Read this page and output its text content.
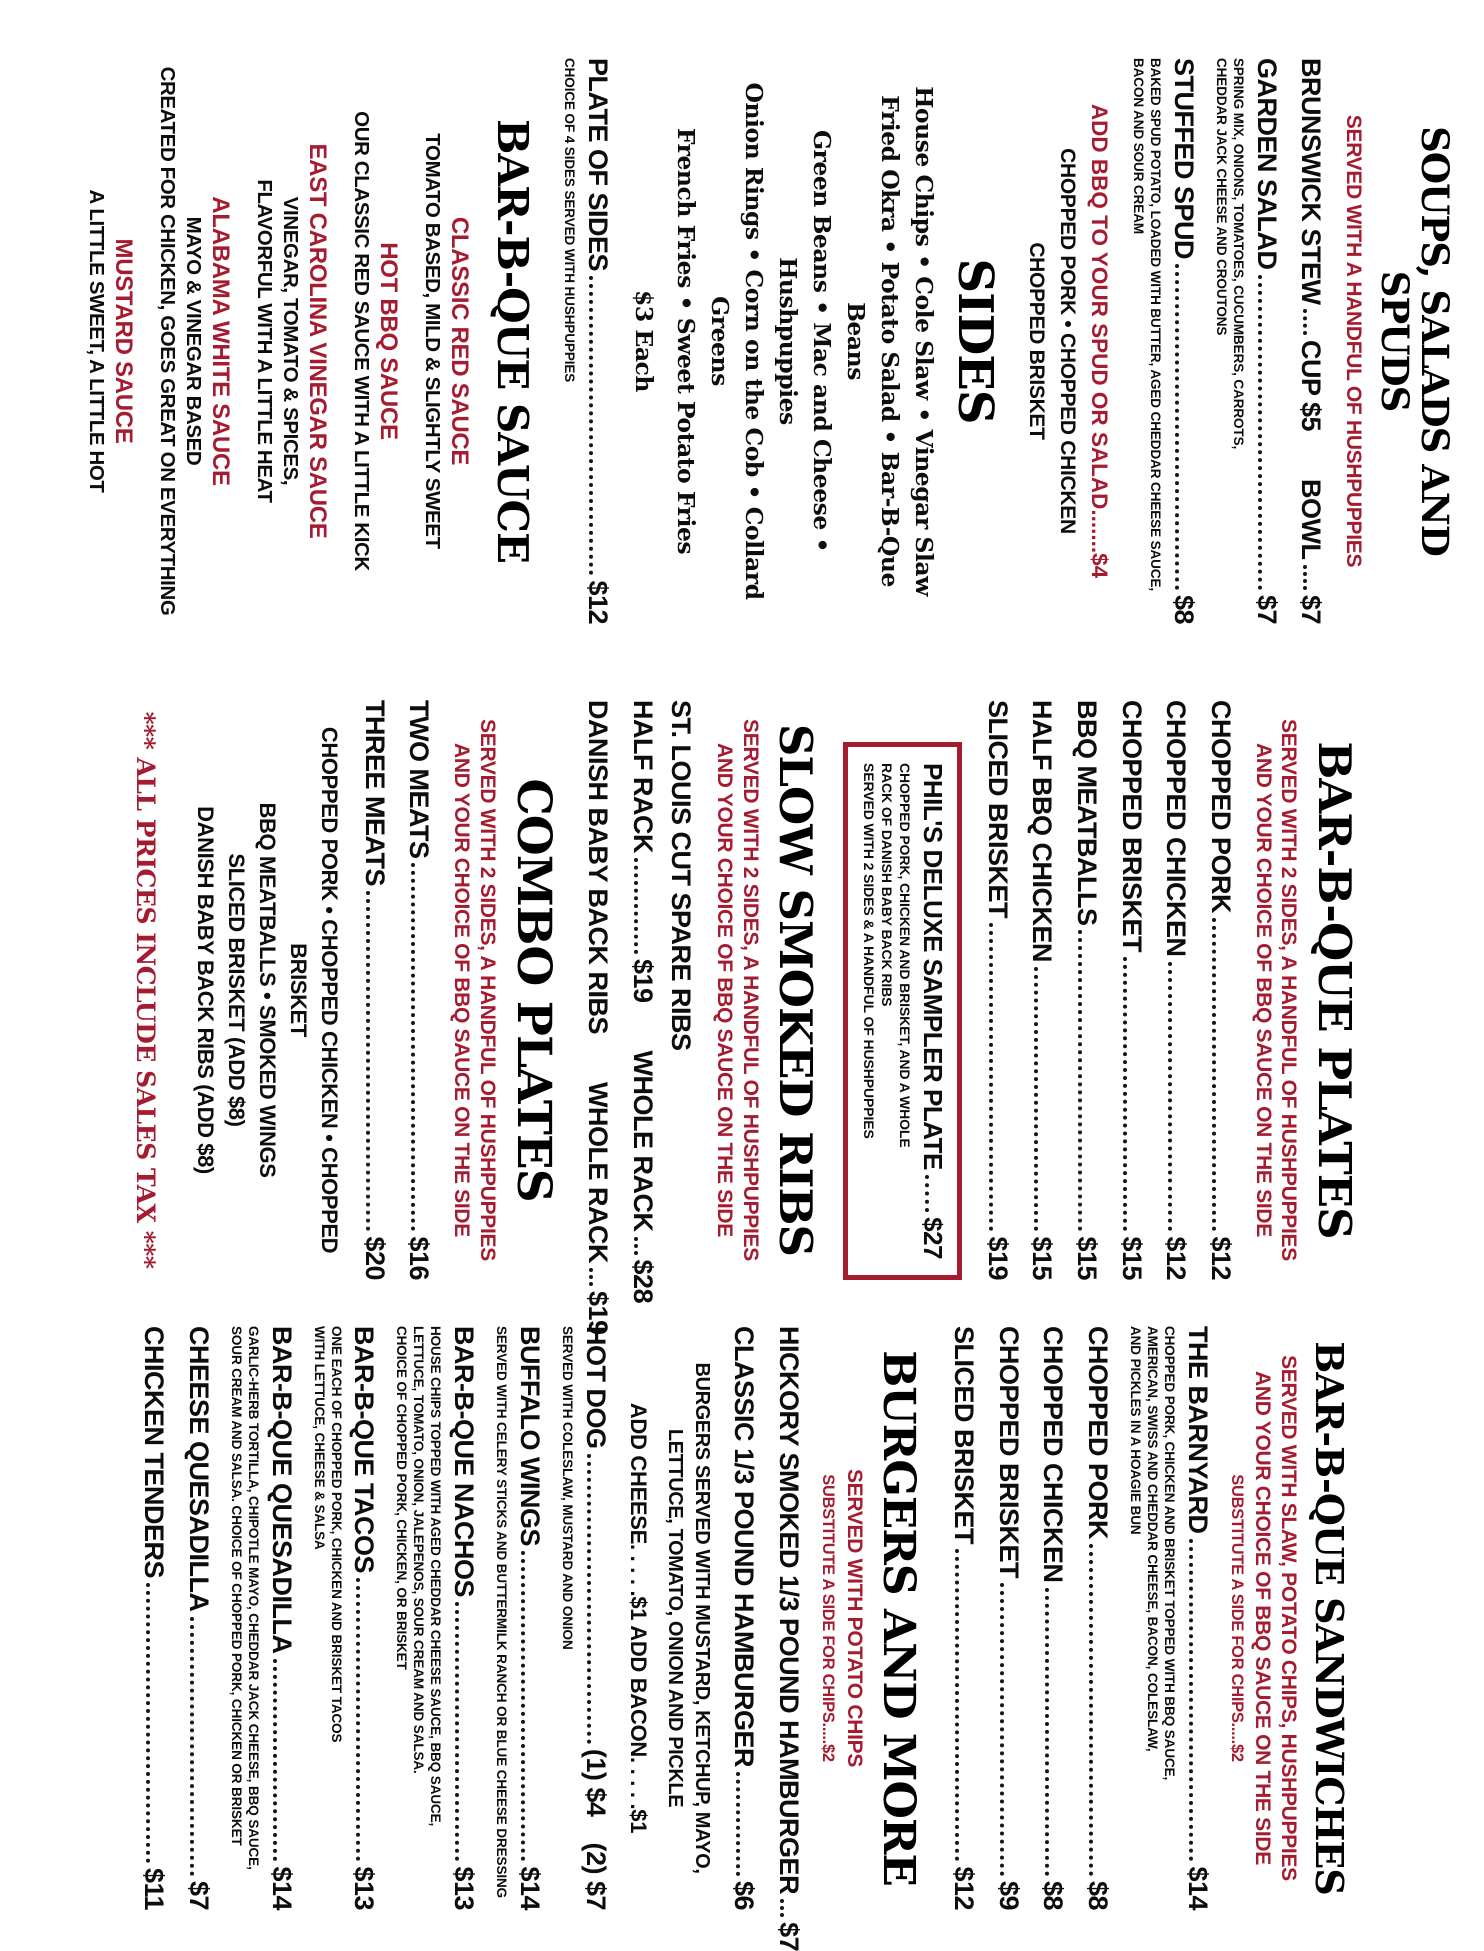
SOUPS, SALADS AND SPUDS
SERVED WITH A HANDFUL OF HUSHPUPPIES
BRUNSWICK STEW
CUP $5
BOWL
$7
GARDEN SALAD
$7
SPRING MIX, ONIONS, TOMATOES, CUCUMBERS, CARROTS,
CHEDDAR JACK CHEESE AND CROUTONS
STUFFED SPUD
$8
BAKED SPUD POTATO, LOADED WITH BUTTER, AGED CHEDDAR CHEESE SAUCE,
BACON AND SOUR CREAM
ADD BBQ TO YOUR SPUD OR SALAD.......$4
CHOPPED PORK • CHOPPED CHICKEN
CHOPPED BRISKET
SIDES
House Chips • Cole Slaw • Vinegar Slaw
Fried Okra • Potato Salad • Bar-B-Que Beans
Green Beans • Mac and Cheese • Hushpuppies
Onion Rings • Corn on the Cob • Collard Greens
French Fries • Sweet Potato Fries
$3 Each
PLATE OF SIDES
$12
CHOICE OF 4 SIDES SERVED WITH HUSHPUPPIES
BAR-B-QUE SAUCE
CLASSIC RED SAUCE
TOMATO BASED, MILD & SLIGHTLY SWEET
HOT BBQ SAUCE
OUR CLASSIC RED SAUCE WITH A LITTLE KICK
EAST CAROLINA VINEGAR SAUCE
VINEGAR, TOMATO & SPICES,
FLAVORFUL WITH A LITTLE HEAT
ALABAMA WHITE SAUCE
MAYO & VINEGAR BASED
CREATED FOR CHICKEN, GOES GREAT ON EVERYTHING
MUSTARD SAUCE
A LITTLE SWEET, A LITTLE HOT
BAR-B-QUE PLATES
SERVED WITH 2 SIDES, A HANDFUL OF HUSHPUPPIES
AND YOUR CHOICE OF BBQ SAUCE ON THE SIDE
CHOPPED PORK
$12
CHOPPED CHICKEN
$12
CHOPPED BRISKET
$15
BBQ MEATBALLS
$15
HALF BBQ CHICKEN
$15
SLICED BRISKET
$19
PHIL'S DELUXE SAMPLER PLATE
$27
CHOPPED PORK, CHICKEN AND BRISKET, AND A WHOLE
RACK OF DANISH BABY BACK RIBS
SERVED WITH 2 SIDES & A HANDFUL OF HUSHPUPPIES
SLOW SMOKED RIBS
SERVED WITH 2 SIDES, A HANDFUL OF HUSHPUPPIES
AND YOUR CHOICE OF BBQ SAUCE ON THE SIDE
ST. LOUIS CUT SPARE RIBS
HALF RACK
$19
WHOLE RACK
$28
DANISH BABY BACK RIBS
WHOLE RACK
$19
COMBO PLATES
SERVED WITH 2 SIDES, A HANDFUL OF HUSHPUPPIES
AND YOUR CHOICE OF BBQ SAUCE ON THE SIDE
TWO MEATS
$16
THREE MEATS
$20
CHOPPED PORK • CHOPPED CHICKEN • CHOPPED BRISKET
BBQ MEATBALLS • SMOKED WINGS
SLICED BRISKET (ADD $8)
DANISH BABY BACK RIBS (ADD $8)
*** ALL PRICES INCLUDE SALES TAX ***
BAR-B-QUE SANDWICHES
SERVED WITH SLAW, POTATO CHIPS, HUSHPUPPIES
AND YOUR CHOICE OF BBQ SAUCE ON THE SIDE
SUBSTITUTE A SIDE FOR CHIPS.....$2
THE BARNYARD
$14
CHOPPED PORK, CHICKEN AND BRISKET TOPPED WITH BBQ SAUCE,
AMERICAN, SWISS AND CHEDDAR CHEESE, BACON, COLESLAW,
AND PICKLES IN A HOAGIE BUN
CHOPPED PORK
$8
CHOPPED CHICKEN
$8
CHOPPED BRISKET
$9
SLICED BRISKET
$12
BURGERS AND MORE
SERVED WITH POTATO CHIPS
SUBSTITUTE A SIDE FOR CHIPS.....$2
HICKORY SMOKED 1/3 POUND HAMBURGER
$7
CLASSIC 1/3 POUND HAMBURGER
$6
BURGERS SERVED WITH MUSTARD, KETCHUP, MAYO,
LETTUCE, TOMATO, ONION AND PICKLE
ADD CHEESE. . . . .$1 ADD BACON. . . . .$1
HOT DOG
(1) $4
(2) $7
SERVED WITH COLESLAW, MUSTARD AND ONION
BUFFALO WINGS
$14
SERVED WITH CELERY STICKS AND BUTTERMILK RANCH OR BLUE CHEESE DRESSING
BAR-B-QUE NACHOS
$13
HOUSE CHIPS TOPPED WITH AGED CHEDDAR CHEESE SAUCE, BBQ SAUCE,
LETTUCE, TOMATO, ONION, JALEPENOS, SOUR CREAM AND SALSA.
CHOICE OF CHOPPED PORK, CHICKEN, OR BRISKET
BAR-B-QUE TACOS
$13
ONE EACH OF CHOPPED PORK, CHICKEN AND BRISKET TACOS
WITH LETTUCE, CHEESE & SALSA
BAR-B-QUE QUESADILLA
$14
GARLIC-HERB TORTILLA, CHIPOTLE MAYO, CHEDDAR JACK CHEESE, BBQ SAUCE,
SOUR CREAM AND SALSA. CHOICE OF CHOPPED PORK, CHICKEN OR BRISKET
CHEESE QUESADILLA
$7
CHICKEN TENDERS
$11
